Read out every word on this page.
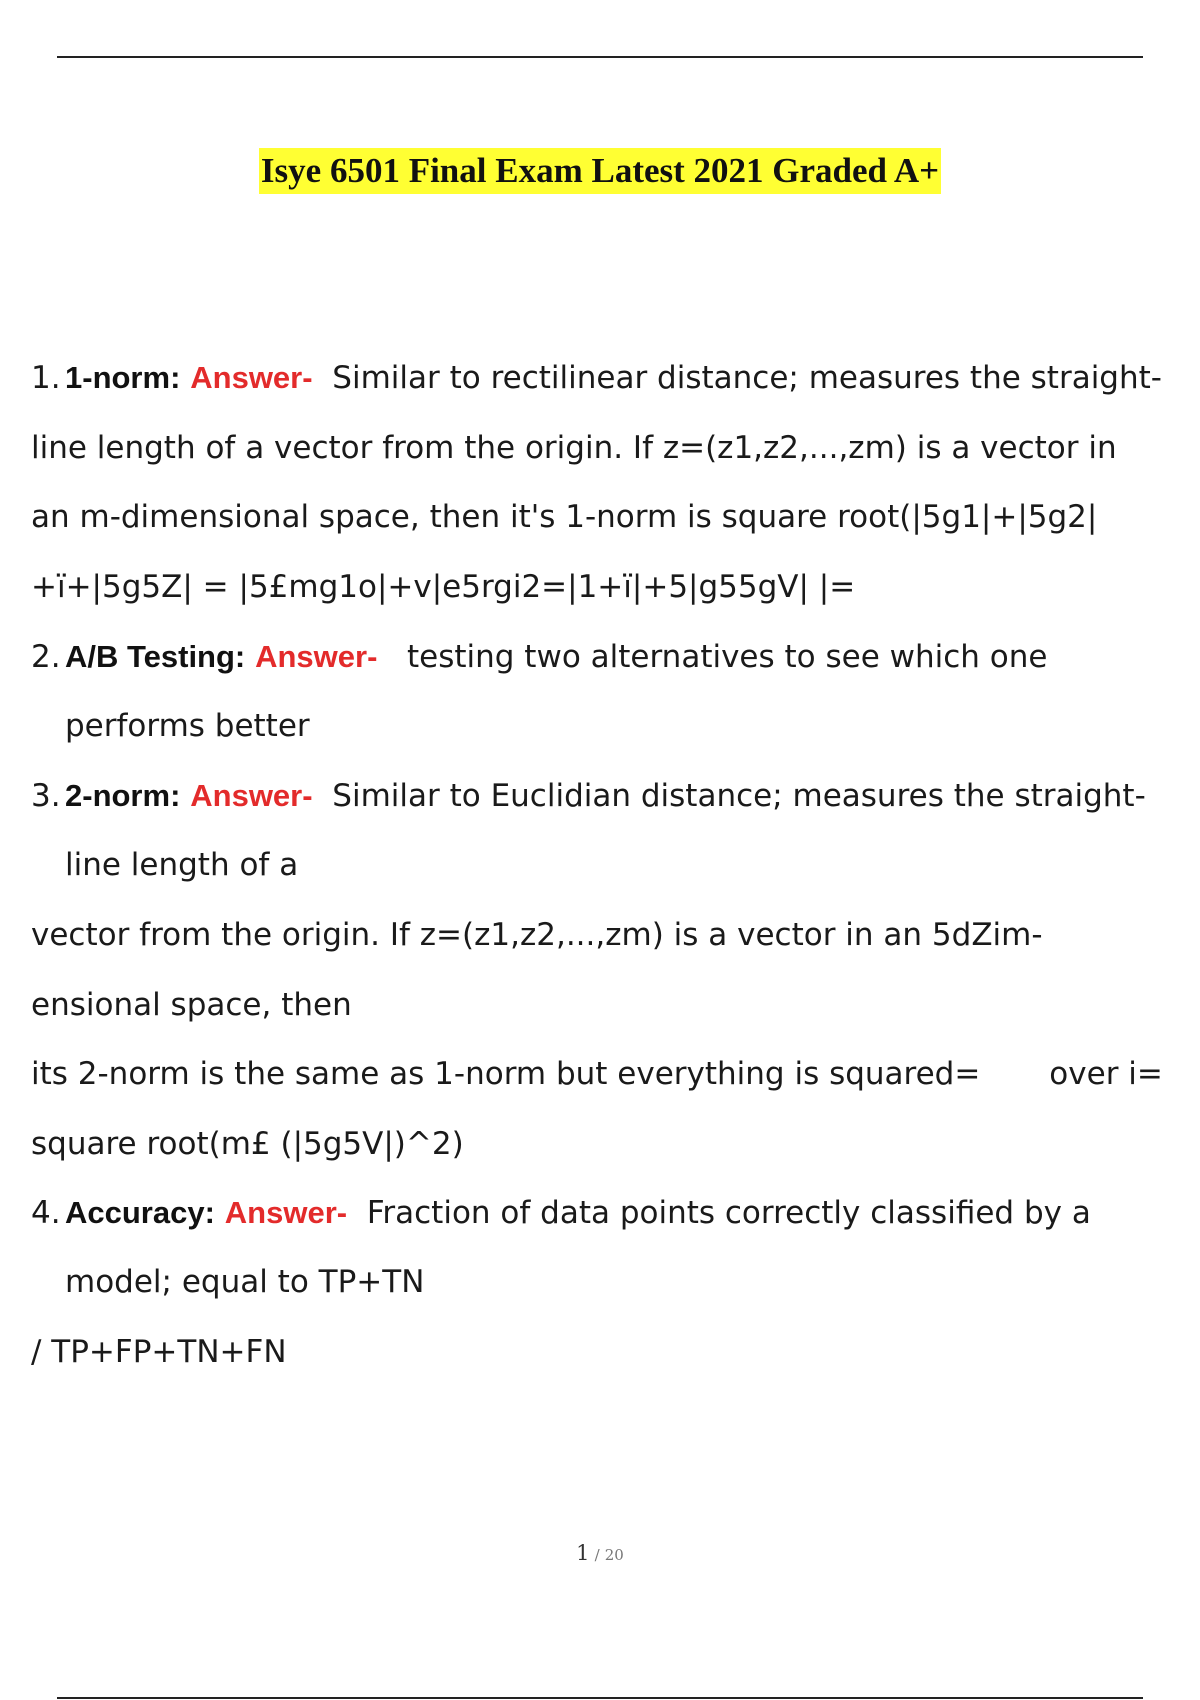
Isye 6501 Final Exam Latest 2021 Graded A+
1. 1-norm: Answer- Similar to rectilinear distance; measures the straight-
line length of a vector from the origin. If z=(z1,z2,...,zm) is a vector in
an m-dimensional space, then it's 1-norm is square root(|5g1|+|5g2|
+ï+|5g5Z| = |5£mg1o|+v|e5rgi2=|1+ï|+5|g55gV| |=
2. A/B Testing: Answer- testing two alternatives to see which one
performs better
3. 2-norm: Answer- Similar to Euclidian distance; measures the straight-
line length of a
vector from the origin. If z=(z1,z2,...,zm) is a vector in an 5dZim-
ensional space, then
its 2-norm is the same as 1-norm but everything is squared=       over i=
square root(m£ (|5g5V|)^2)
4. Accuracy: Answer- Fraction of data points correctly classified by a
model; equal to TP+TN
/ TP+FP+TN+FN
1 / 20
